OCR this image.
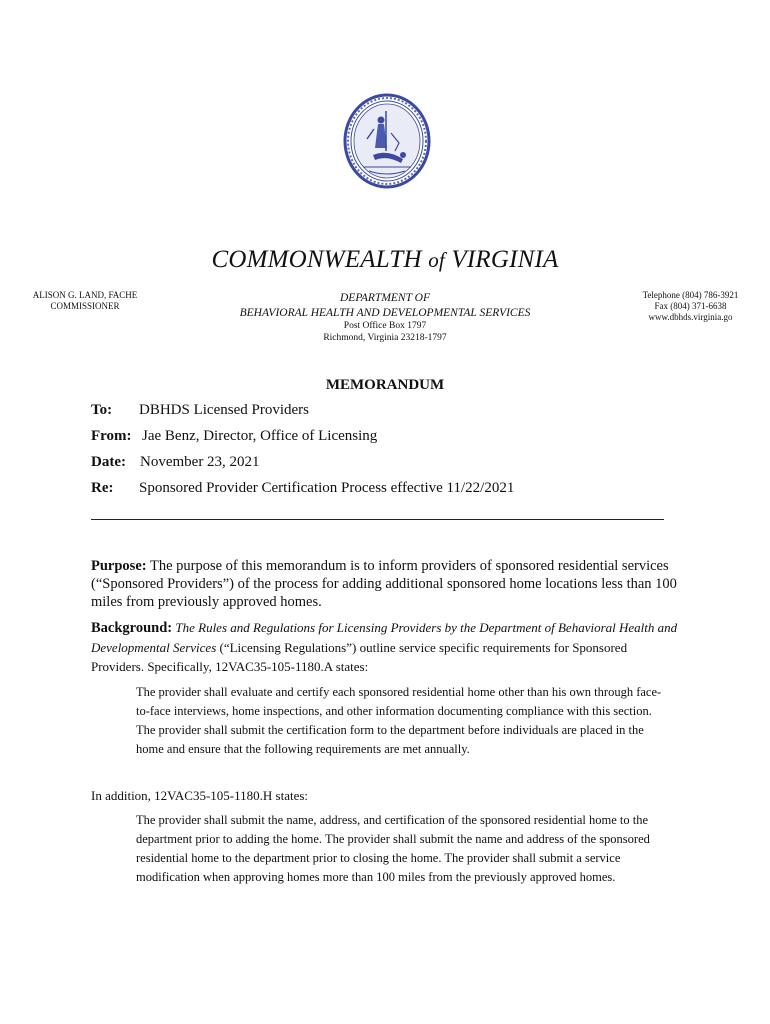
COMMONWEALTH of VIRGINIA
ALISON G. LAND, FACHE
COMMISSIONER
DEPARTMENT OF
BEHAVIORAL HEALTH AND DEVELOPMENTAL SERVICES
Post Office Box 1797
Richmond, Virginia 23218-1797
Telephone (804) 786-3921
Fax (804) 371-6638
www.dbhds.virginia.go
MEMORANDUM
To: DBHDS Licensed Providers
From: Jae Benz, Director, Office of Licensing
Date: November 23, 2021
Re: Sponsored Provider Certification Process effective 11/22/2021
Purpose: The purpose of this memorandum is to inform providers of sponsored residential services (“Sponsored Providers”) of the process for adding additional sponsored home locations less than 100 miles from previously approved homes.
Background: The Rules and Regulations for Licensing Providers by the Department of Behavioral Health and Developmental Services (“Licensing Regulations”) outline service specific requirements for Sponsored Providers. Specifically, 12VAC35-105-1180.A states:
The provider shall evaluate and certify each sponsored residential home other than his own through face-to-face interviews, home inspections, and other information documenting compliance with this section. The provider shall submit the certification form to the department before individuals are placed in the home and ensure that the following requirements are met annually.
In addition, 12VAC35-105-1180.H states:
The provider shall submit the name, address, and certification of the sponsored residential home to the department prior to adding the home. The provider shall submit the name and address of the sponsored residential home to the department prior to closing the home. The provider shall submit a service modification when approving homes more than 100 miles from the previously approved homes.
